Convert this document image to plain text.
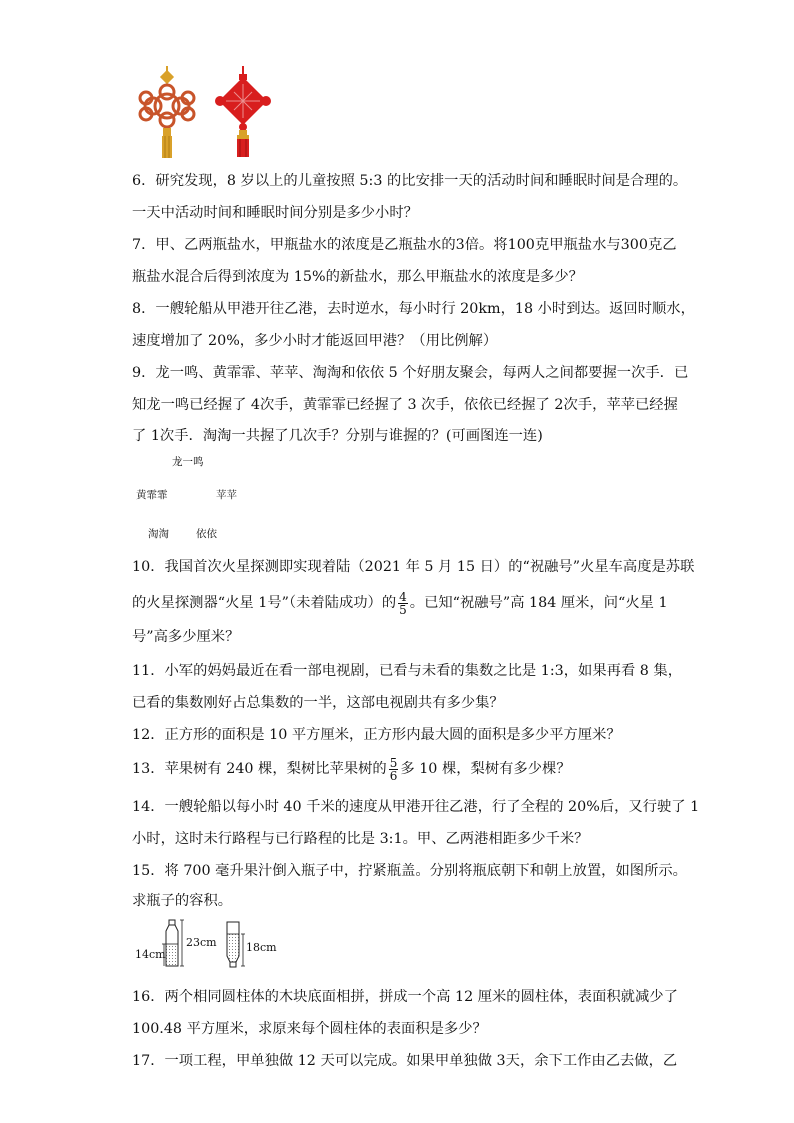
6．研究发现，8 岁以上的儿童按照 5:3 的比安排一天的活动时间和睡眠时间是合理的。
一天中活动时间和睡眠时间分别是多少小时？
7．甲、乙两瓶盐水，甲瓶盐水的浓度是乙瓶盐水的3倍。将100克甲瓶盐水与300克乙
瓶盐水混合后得到浓度为 15%的新盐水，那么甲瓶盐水的浓度是多少？
8．一艘轮船从甲港开往乙港，去时逆水，每小时行 20km，18 小时到达。返回时顺水，
速度增加了 20%，多少小时才能返回甲港？（用比例解）
9．龙一鸣、黄霏霏、苹苹、淘淘和依依 5 个好朋友聚会，每两人之间都要握一次手．已
知龙一鸣已经握了 4次手，黄霏霏已经握了 3 次手，依依已经握了 2次手，苹苹已经握
了 1次手．淘淘一共握了几次手？分别与谁握的？(可画图连一连)
龙一鸣
黄霏霏	苹苹
淘淘	依依
10．我国首次火星探测即实现着陆（2021 年 5 月 15 日）的“祝融号”火星车高度是苏联
的火星探测器“火星 1号”（未着陆成功）的 $\frac{4}{5}$ 。已知“祝融号”高 184 厘米，问“火星 1
号”高多少厘米？
11．小军的妈妈最近在看一部电视剧，已看与未看的集数之比是 1:3，如果再看 8 集，
已看的集数刚好占总集数的一半，这部电视剧共有多少集？
12．正方形的面积是 10 平方厘米，正方形内最大圆的面积是多少平方厘米？
13．苹果树有 240 棵，梨树比苹果树的 $\frac{5}{6}$ 多 10 棵，梨树有多少棵？
14．一艘轮船以每小时 40 千米的速度从甲港开往乙港，行了全程的 20%后，又行驶了 1
小时，这时未行路程与已行路程的比是 3:1。甲、乙两港相距多少千米？
15．将 700 毫升果汁倒入瓶子中，拧紧瓶盖。分别将瓶底朝下和朝上放置，如图所示。
求瓶子的容积。
14cm
23cm	18cm
16．两个相同圆柱体的木块底面相拼，拼成一个高 12 厘米的圆柱体，表面积就减少了
100.48 平方厘米，求原来每个圆柱体的表面积是多少？
17．一项工程，甲单独做 12 天可以完成。如果甲单独做 3天，余下工作由乙去做，乙
